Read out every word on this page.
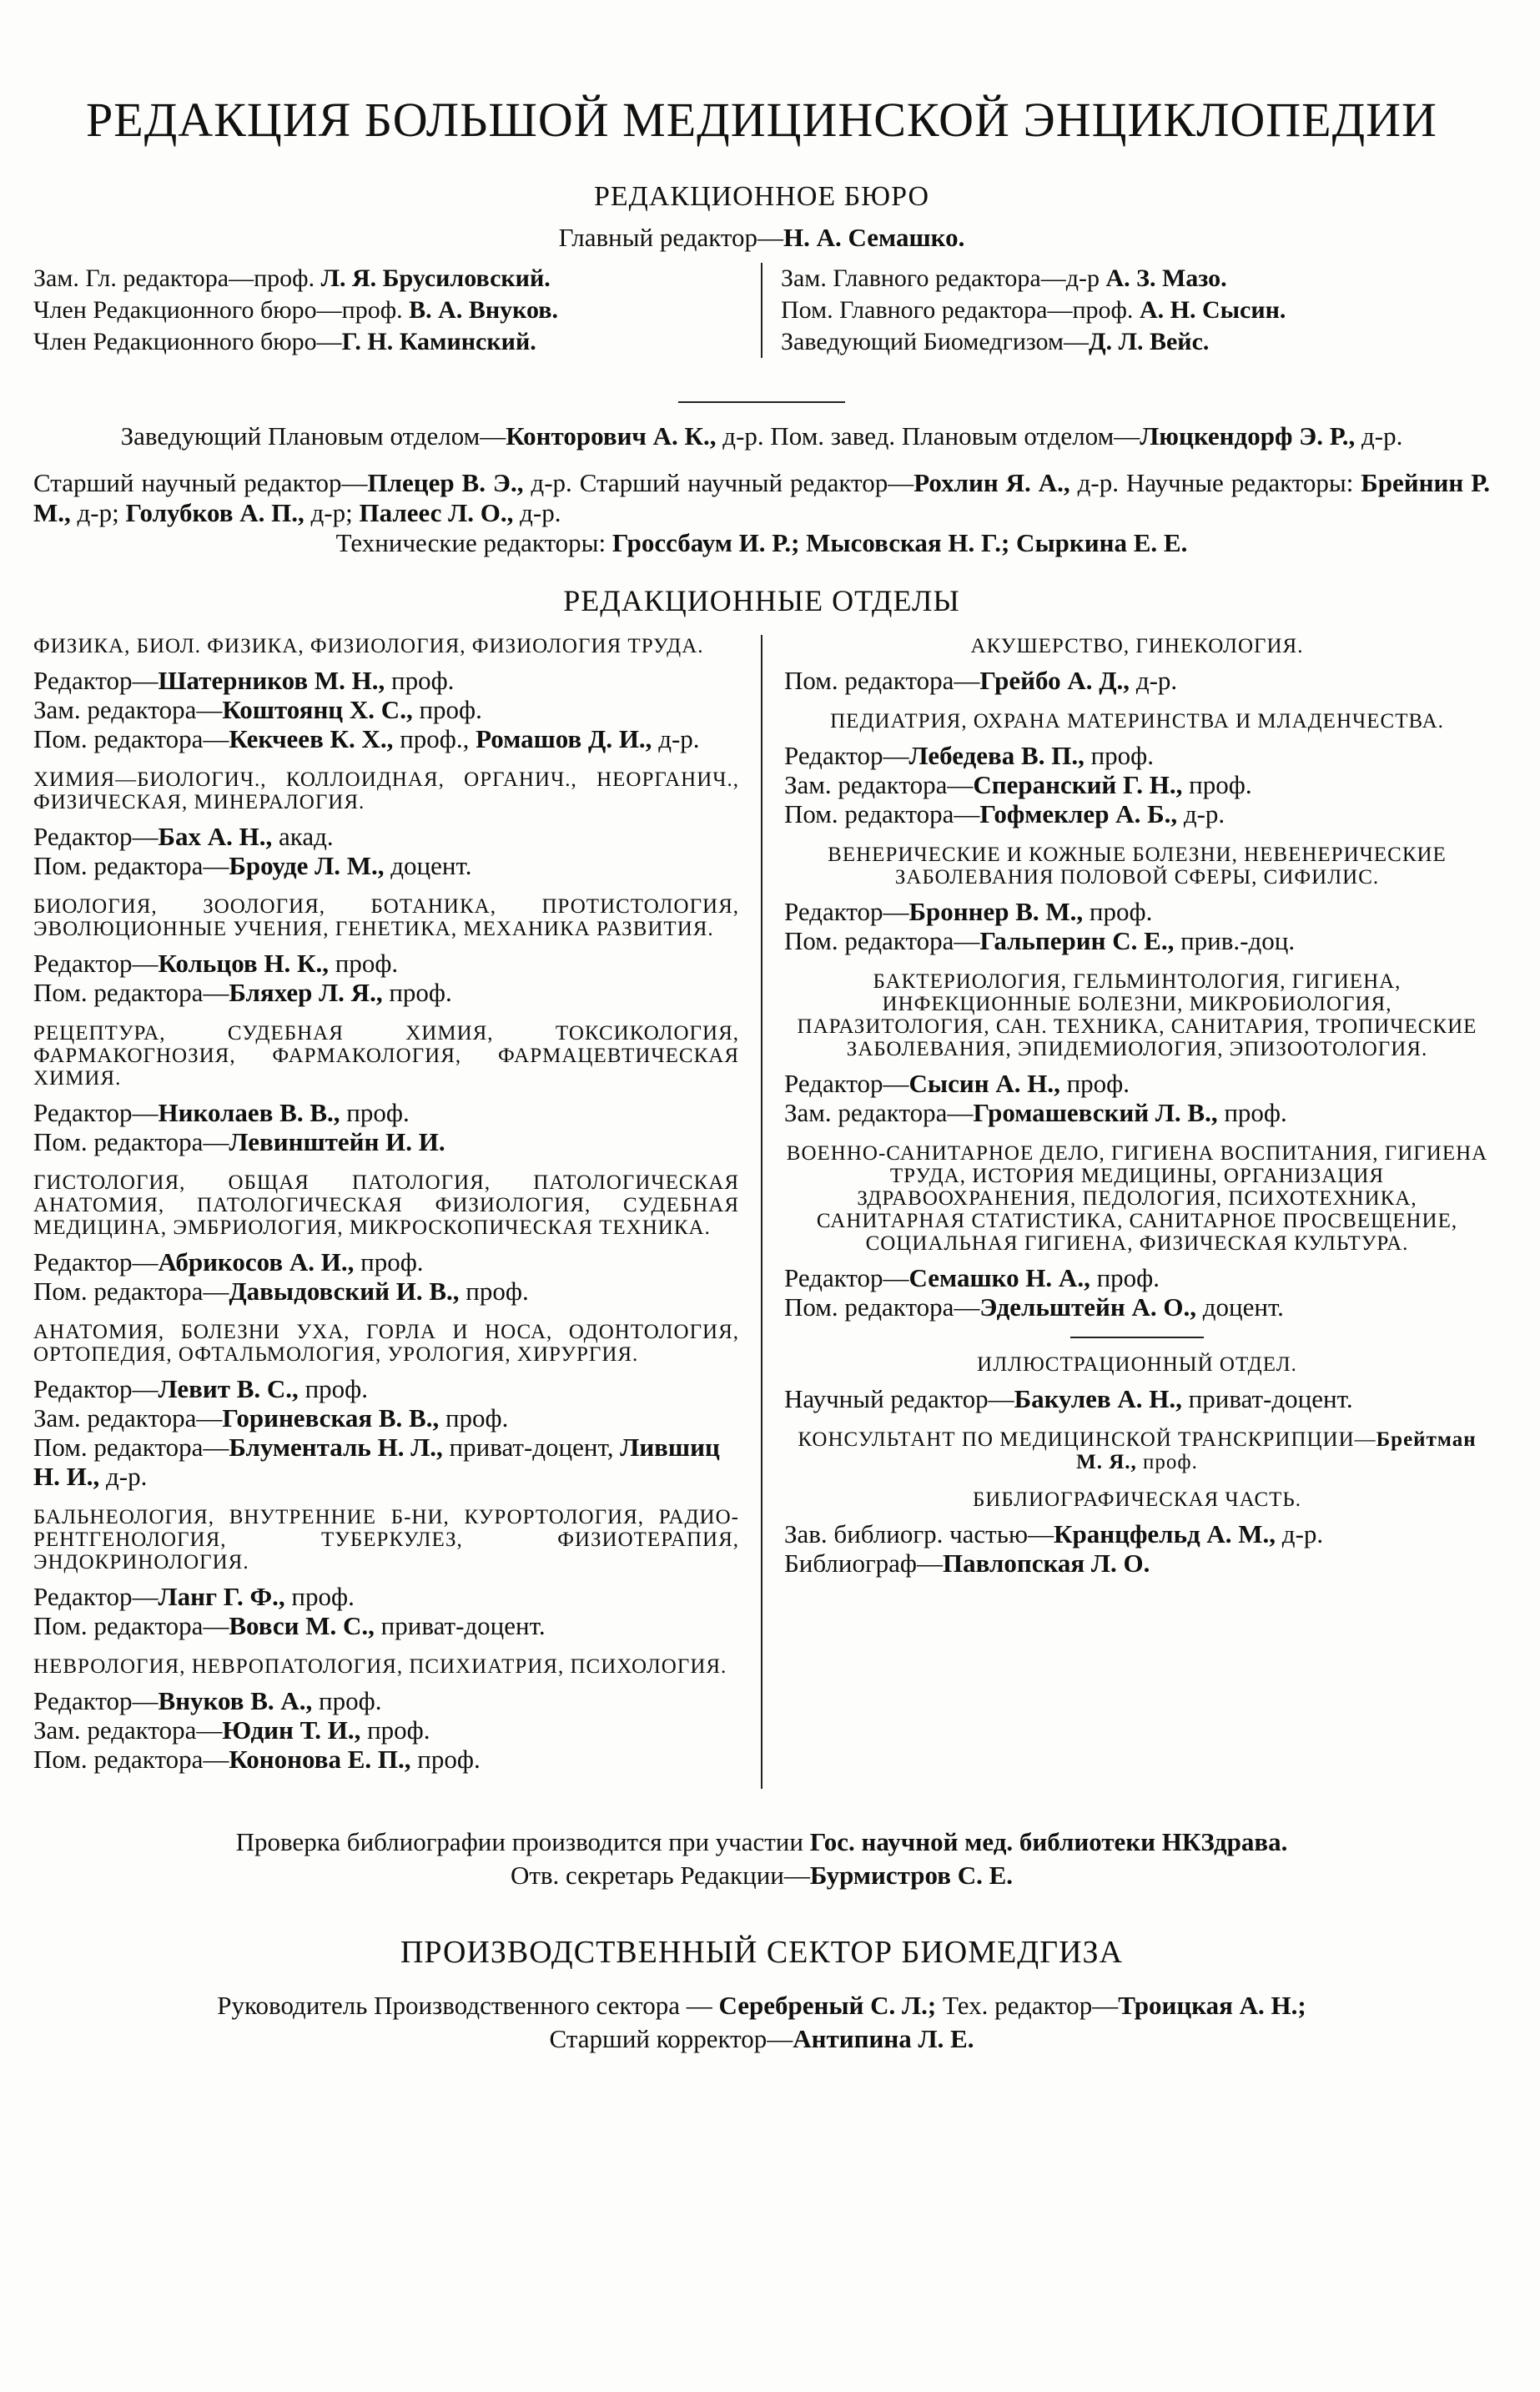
РЕДАКЦИЯ БОЛЬШОЙ МЕДИЦИНСКОЙ ЭНЦИКЛОПЕДИИ
РЕДАКЦИОННОЕ БЮРО
Главный редактор—Н. А. Семашко.
Зам. Гл. редактора—проф. Л. Я. Брусиловский.
Член Редакционного бюро—проф. В. А. Внуков.
Член Редакционного бюро—Г. Н. Каминский.
Зам. Главного редактора—д-р А. З. Мазо.
Пом. Главного редактора—проф. А. Н. Сысин.
Заведующий Биомедгизом—Д. Л. Вейс.

Заведующий Плановым отделом—Конторович А. К., д-р. Пом. завед. Плановым отделом—Люцкендорф Э. Р., д-р.

Старший научный редактор—Плецер В. Э., д-р. Старший научный редактор—Рохлин Я. А., д-р. Научные редакторы: Брейнин Р. М., д-р; Голубков А. П., д-р; Палеес Л. О., д-р.

Технические редакторы: Гроссбаум И. Р.; Мысовская Н. Г.; Сыркина Е. Е.

РЕДАКЦИОННЫЕ ОТДЕЛЫ
ФИЗИКА, БИОЛ. ФИЗИКА, ФИЗИОЛОГИЯ, ФИЗИОЛОГИЯ ТРУДА.

Редактор—Шатерников М. Н., проф.

Зам. редактора—Коштоянц Х. С., проф.

Пом. редактора—Кекчеев К. Х., проф., Ромашов Д. И., д-р.

ХИМИЯ—БИОЛОГИЧ., КОЛЛОИДНАЯ, ОРГАНИЧ., НЕОРГАНИЧ., ФИЗИЧЕСКАЯ, МИНЕРАЛОГИЯ.

Редактор—Бах А. Н., акад.

Пом. редактора—Броуде Л. М., доцент.

БИОЛОГИЯ, ЗООЛОГИЯ, БОТАНИКА, ПРОТИСТОЛОГИЯ, ЭВОЛЮЦИОННЫЕ УЧЕНИЯ, ГЕНЕТИКА, МЕХАНИКА РАЗВИТИЯ.

Редактор—Кольцов Н. К., проф.

Пом. редактора—Бляхер Л. Я., проф.

РЕЦЕПТУРА, СУДЕБНАЯ ХИМИЯ, ТОКСИКОЛОГИЯ, ФАРМАКОГНОЗИЯ, ФАРМАКОЛОГИЯ, ФАРМАЦЕВТИЧЕСКАЯ ХИМИЯ.

Редактор—Николаев В. В., проф.

Пом. редактора—Левинштейн И. И.

ГИСТОЛОГИЯ, ОБЩАЯ ПАТОЛОГИЯ, ПАТОЛОГИЧЕСКАЯ АНАТОМИЯ, ПАТОЛОГИЧЕСКАЯ ФИЗИОЛОГИЯ, СУДЕБНАЯ МЕДИЦИНА, ЭМБРИОЛОГИЯ, МИКРОСКОПИЧЕСКАЯ ТЕХНИКА.

Редактор—Абрикосов А. И., проф.

Пом. редактора—Давыдовский И. В., проф.

АНАТОМИЯ, БОЛЕЗНИ УХА, ГОРЛА И НОСА, ОДОНТОЛОГИЯ, ОРТОПЕДИЯ, ОФТАЛЬМОЛОГИЯ, УРОЛОГИЯ, ХИРУРГИЯ.

Редактор—Левит В. С., проф.

Зам. редактора—Гориневская В. В., проф.

Пом. редактора—Блументаль Н. Л., приват-доцент, Лившиц Н. И., д-р.

БАЛЬНЕОЛОГИЯ, ВНУТРЕННИЕ Б-НИ, КУРОРТОЛОГИЯ, РАДИО-РЕНТГЕНОЛОГИЯ, ТУБЕРКУЛЕЗ, ФИЗИОТЕРАПИЯ, ЭНДОКРИНОЛОГИЯ.

Редактор—Ланг Г. Ф., проф.

Пом. редактора—Вовси М. С., приват-доцент.

НЕВРОЛОГИЯ, НЕВРОПАТОЛОГИЯ, ПСИХИАТРИЯ, ПСИХОЛОГИЯ.

Редактор—Внуков В. А., проф.

Зам. редактора—Юдин Т. И., проф.

Пом. редактора—Кононова Е. П., проф.

АКУШЕРСТВО, ГИНЕКОЛОГИЯ.

Пом. редактора—Грейбо А. Д., д-р.

ПЕДИАТРИЯ, ОХРАНА МАТЕРИНСТВА И МЛАДЕНЧЕСТВА.

Редактор—Лебедева В. П., проф.

Зам. редактора—Сперанский Г. Н., проф.

Пом. редактора—Гофмеклер А. Б., д-р.

ВЕНЕРИЧЕСКИЕ И КОЖНЫЕ БОЛЕЗНИ, НЕВЕНЕРИЧЕСКИЕ ЗАБОЛЕВАНИЯ ПОЛОВОЙ СФЕРЫ, СИФИЛИС.

Редактор—Броннер В. М., проф.

Пом. редактора—Гальперин С. Е., прив.-доц.

БАКТЕРИОЛОГИЯ, ГЕЛЬМИНТОЛОГИЯ, ГИГИЕНА, ИНФЕКЦИОННЫЕ БОЛЕЗНИ, МИКРОБИОЛОГИЯ, ПАРАЗИТОЛОГИЯ, САН. ТЕХНИКА, САНИТАРИЯ, ТРОПИЧЕСКИЕ ЗАБОЛЕВАНИЯ, ЭПИДЕМИОЛОГИЯ, ЭПИЗООТОЛОГИЯ.

Редактор—Сысин А. Н., проф.

Зам. редактора—Громашевский Л. В., проф.

ВОЕННО-САНИТАРНОЕ ДЕЛО, ГИГИЕНА ВОСПИТАНИЯ, ГИГИЕНА ТРУДА, ИСТОРИЯ МЕДИЦИНЫ, ОРГАНИЗАЦИЯ ЗДРАВООХРАНЕНИЯ, ПЕДОЛОГИЯ, ПСИХОТЕХНИКА, САНИТАРНАЯ СТАТИСТИКА, САНИТАРНОЕ ПРОСВЕЩЕНИЕ, СОЦИАЛЬНАЯ ГИГИЕНА, ФИЗИЧЕСКАЯ КУЛЬТУРА.

Редактор—Семашко Н. А., проф.

Пом. редактора—Эдельштейн А. О., доцент.

ИЛЛЮСТРАЦИОННЫЙ ОТДЕЛ.

Научный редактор—Бакулев А. Н., приват-доцент.

КОНСУЛЬТАНТ ПО МЕДИЦИНСКОЙ ТРАНСКРИПЦИИ—Брейтман М. Я., проф.
БИБЛИОГРАФИЧЕСКАЯ ЧАСТЬ.

Зав. библиогр. частью—Кранцфельд А. М., д-р.

Библиограф—Павлопская Л. О.

Проверка библиографии производится при участии Гос. научной мед. библиотеки НКЗдрава.

Отв. секретарь Редакции—Бурмистров С. Е.

ПРОИЗВОДСТВЕННЫЙ СЕКТОР БИОМЕДГИЗА

Руководитель Производственного сектора — Серебреный С. Л.; Тех. редактор—Троицкая А. Н.;

Старший корректор—Антипина Л. Е.
